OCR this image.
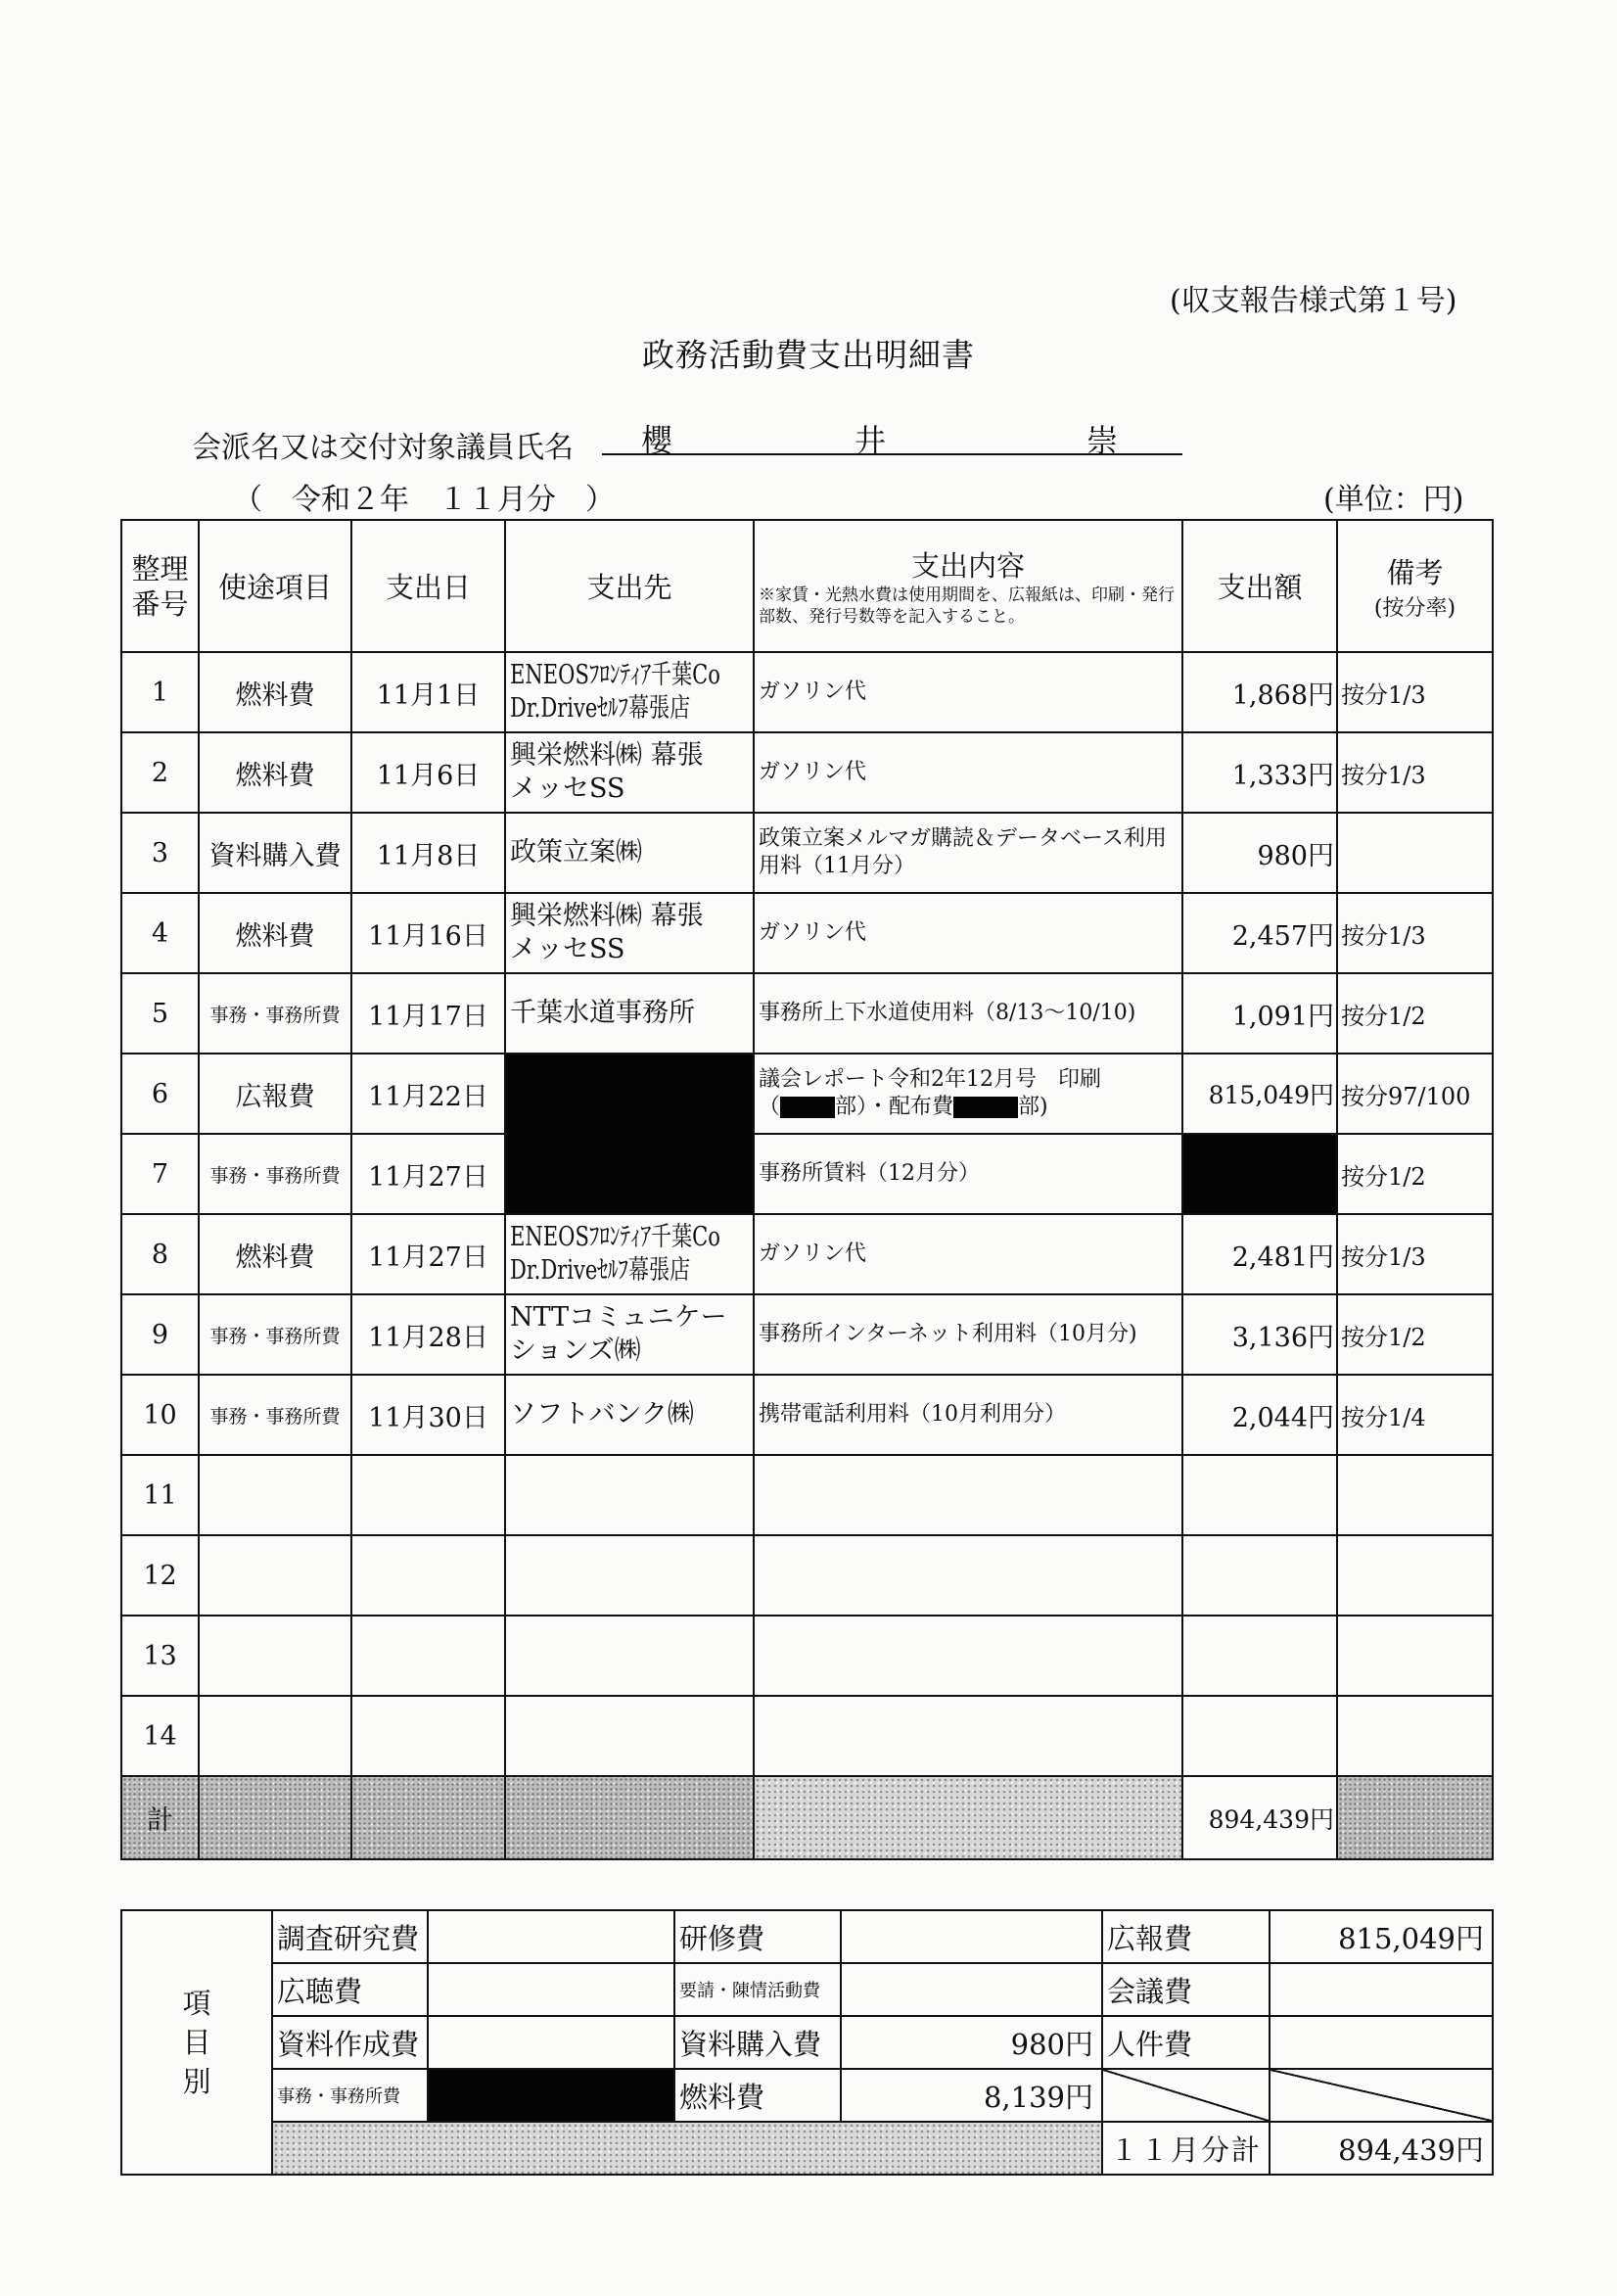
(収支報告様式第１号)
政務活動費支出明細書
会派名又は交付対象議員氏名 櫻	井	崇
（　令和２年　１１月分　）	(単位：円)
整理番号	使途項目	支出日	支出先	支出内容
※家賃・光熱水費は使用期間を、広報紙は、印刷・発行部数、発行号数等を記入すること。	支出額	備考
(按分率)

1	燃料費	11月1日	ENEOSﾌﾛﾝﾃｨｱ千葉Co
Dr.Driveｾﾙﾌ幕張店	ガソリン代	1,868円	按分1/3
2	燃料費	11月6日	興栄燃料㈱ 幕張
メッセSS	ガソリン代	1,333円	按分1/3
3	資料購入費	11月8日	政策立案㈱	政策立案メルマガ購読＆データベース利用用料（11月分）	980円	
4	燃料費	11月16日	興栄燃料㈱ 幕張
メッセSS	ガソリン代	2,457円	按分1/3
5	事務・事務所費	11月17日	千葉水道事務所	事務所上下水道使用料（8/13～10/10)	1,091円	按分1/2
6	広報費	11月22日		議会レポート令和2年12月号　印刷
（ 部）・配布費 部)	815,049円	按分97/100
7	事務・事務所費	11月27日		事務所賃料（12月分）		按分1/2
8	燃料費	11月27日	ENEOSﾌﾛﾝﾃｨｱ千葉Co
Dr.Driveｾﾙﾌ幕張店	ガソリン代	2,481円	按分1/3
9	事務・事務所費	11月28日	NTTコミュニケー
ションズ㈱	事務所インターネット利用料（10月分)	3,136円	按分1/2
10	事務・事務所費	11月30日	ソフトバンク㈱	携帯電話利用料（10月利用分）	2,044円	按分1/4
11						
12						
13						
14						
計					894,439円	
項
目
別	調査研究費		研修費		広報費	815,049円
	広聴費		要請・陳情活動費		会議費	
	資料作成費		資料購入費	980円	人件費	
	事務・事務所費		燃料費	8,139円		
					１１月分計	894,439円
